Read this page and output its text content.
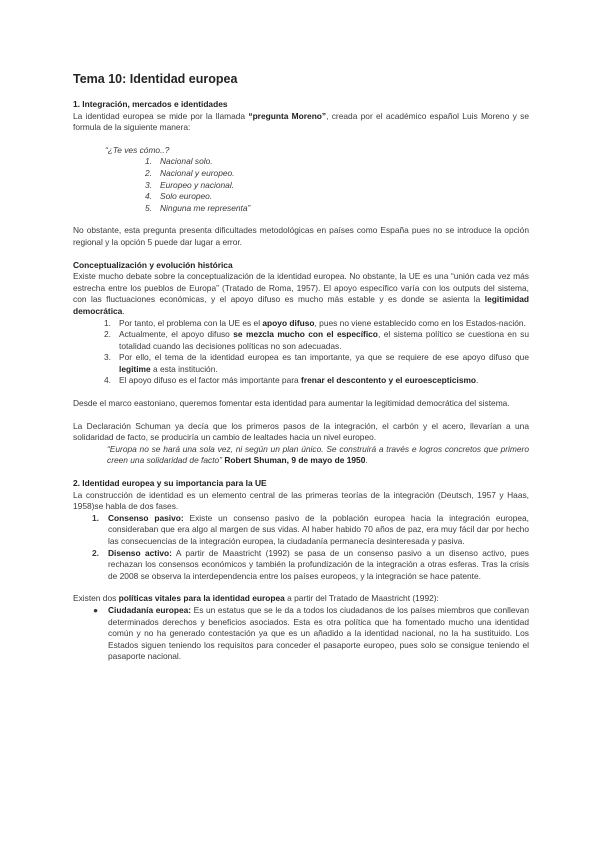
Tema 10: Identidad europea
1. Integración, mercados e identidades

La identidad europea se mide por la llamada “pregunta Moreno”, creada por el académico español Luis Moreno y se formula de la siguiente manera:

“¿Te ves cómo..?
1. Nacional solo.
2. Nacional y europeo.
3. Europeo y nacional.
4. Solo europeo.
5. Ninguna me representa”

No obstante, esta pregunta presenta dificultades metodológicas en países como España pues no se introduce la opción regional y la opción 5 puede dar lugar a error.

Conceptualización y evolución histórica

Existe mucho debate sobre la conceptualización de la identidad europea. No obstante, la UE es una “unión cada vez más estrecha entre los pueblos de Europa” (Tratado de Roma, 1957). El apoyo específico varía con los outputs del sistema, con las fluctuaciones económicas, y el apoyo difuso es mucho más estable y es donde se asienta la legitimidad democrática.

1. Por tanto, el problema con la UE es el apoyo difuso, pues no viene establecido como en los Estados-nación.
2. Actualmente, el apoyo difuso se mezcla mucho con el específico, el sistema político se cuestiona en su totalidad cuando las decisiones políticas no son adecuadas.
3. Por ello, el tema de la identidad europea es tan importante, ya que se requiere de ese apoyo difuso que legitime a esta institución.
4. El apoyo difuso es el factor más importante para frenar el descontento y el euroescepticismo.

Desde el marco eastoniano, queremos fomentar esta identidad para aumentar la legitimidad democrática del sistema.

La Declaración Schuman ya decía que los primeros pasos de la integración, el carbón y el acero, llevarían a una solidaridad de facto, se produciría un cambio de lealtades hacia un nivel europeo.

“Europa no se hará una sola vez, ni según un plan único. Se construirá a través e logros concretos que primero creen una solidaridad de facto” Robert Shuman, 9 de mayo de 1950.

2. Identidad europea y su importancia para la UE

La construcción de identidad es un elemento central de las primeras teorías de la integración (Deutsch, 1957 y Haas, 1958)se habla de dos fases.

1. Consenso pasivo: Existe un consenso pasivo de la población europea hacia la integración europea, consideraban que era algo al margen de sus vidas. Al haber habido 70 años de paz, era muy fácil dar por hecho las consecuencias de la integración europea, la ciudadanía permanecía desinteresada y pasiva.
2. Disenso activo: A partir de Maastricht (1992) se pasa de un consenso pasivo a un disenso activo, pues rechazan los consensos económicos y también la profundización de la integración a otras esferas. Tras la crisis de 2008 se observa la interdependencia entre los países europeos, y la integración se hace patente.

Existen dos políticas vitales para la identidad europea a partir del Tratado de Maastricht (1992):

● Ciudadanía europea: Es un estatus que se le da a todos los ciudadanos de los países miembros que conllevan determinados derechos y beneficios asociados. Esta es otra política que ha fomentado mucho una identidad común y no ha generado contestación ya que es un añadido a la identidad nacional, no la ha sustituido. Los Estados siguen teniendo los requisitos para conceder el pasaporte europeo, pues solo se consigue teniendo el pasaporte nacional.
